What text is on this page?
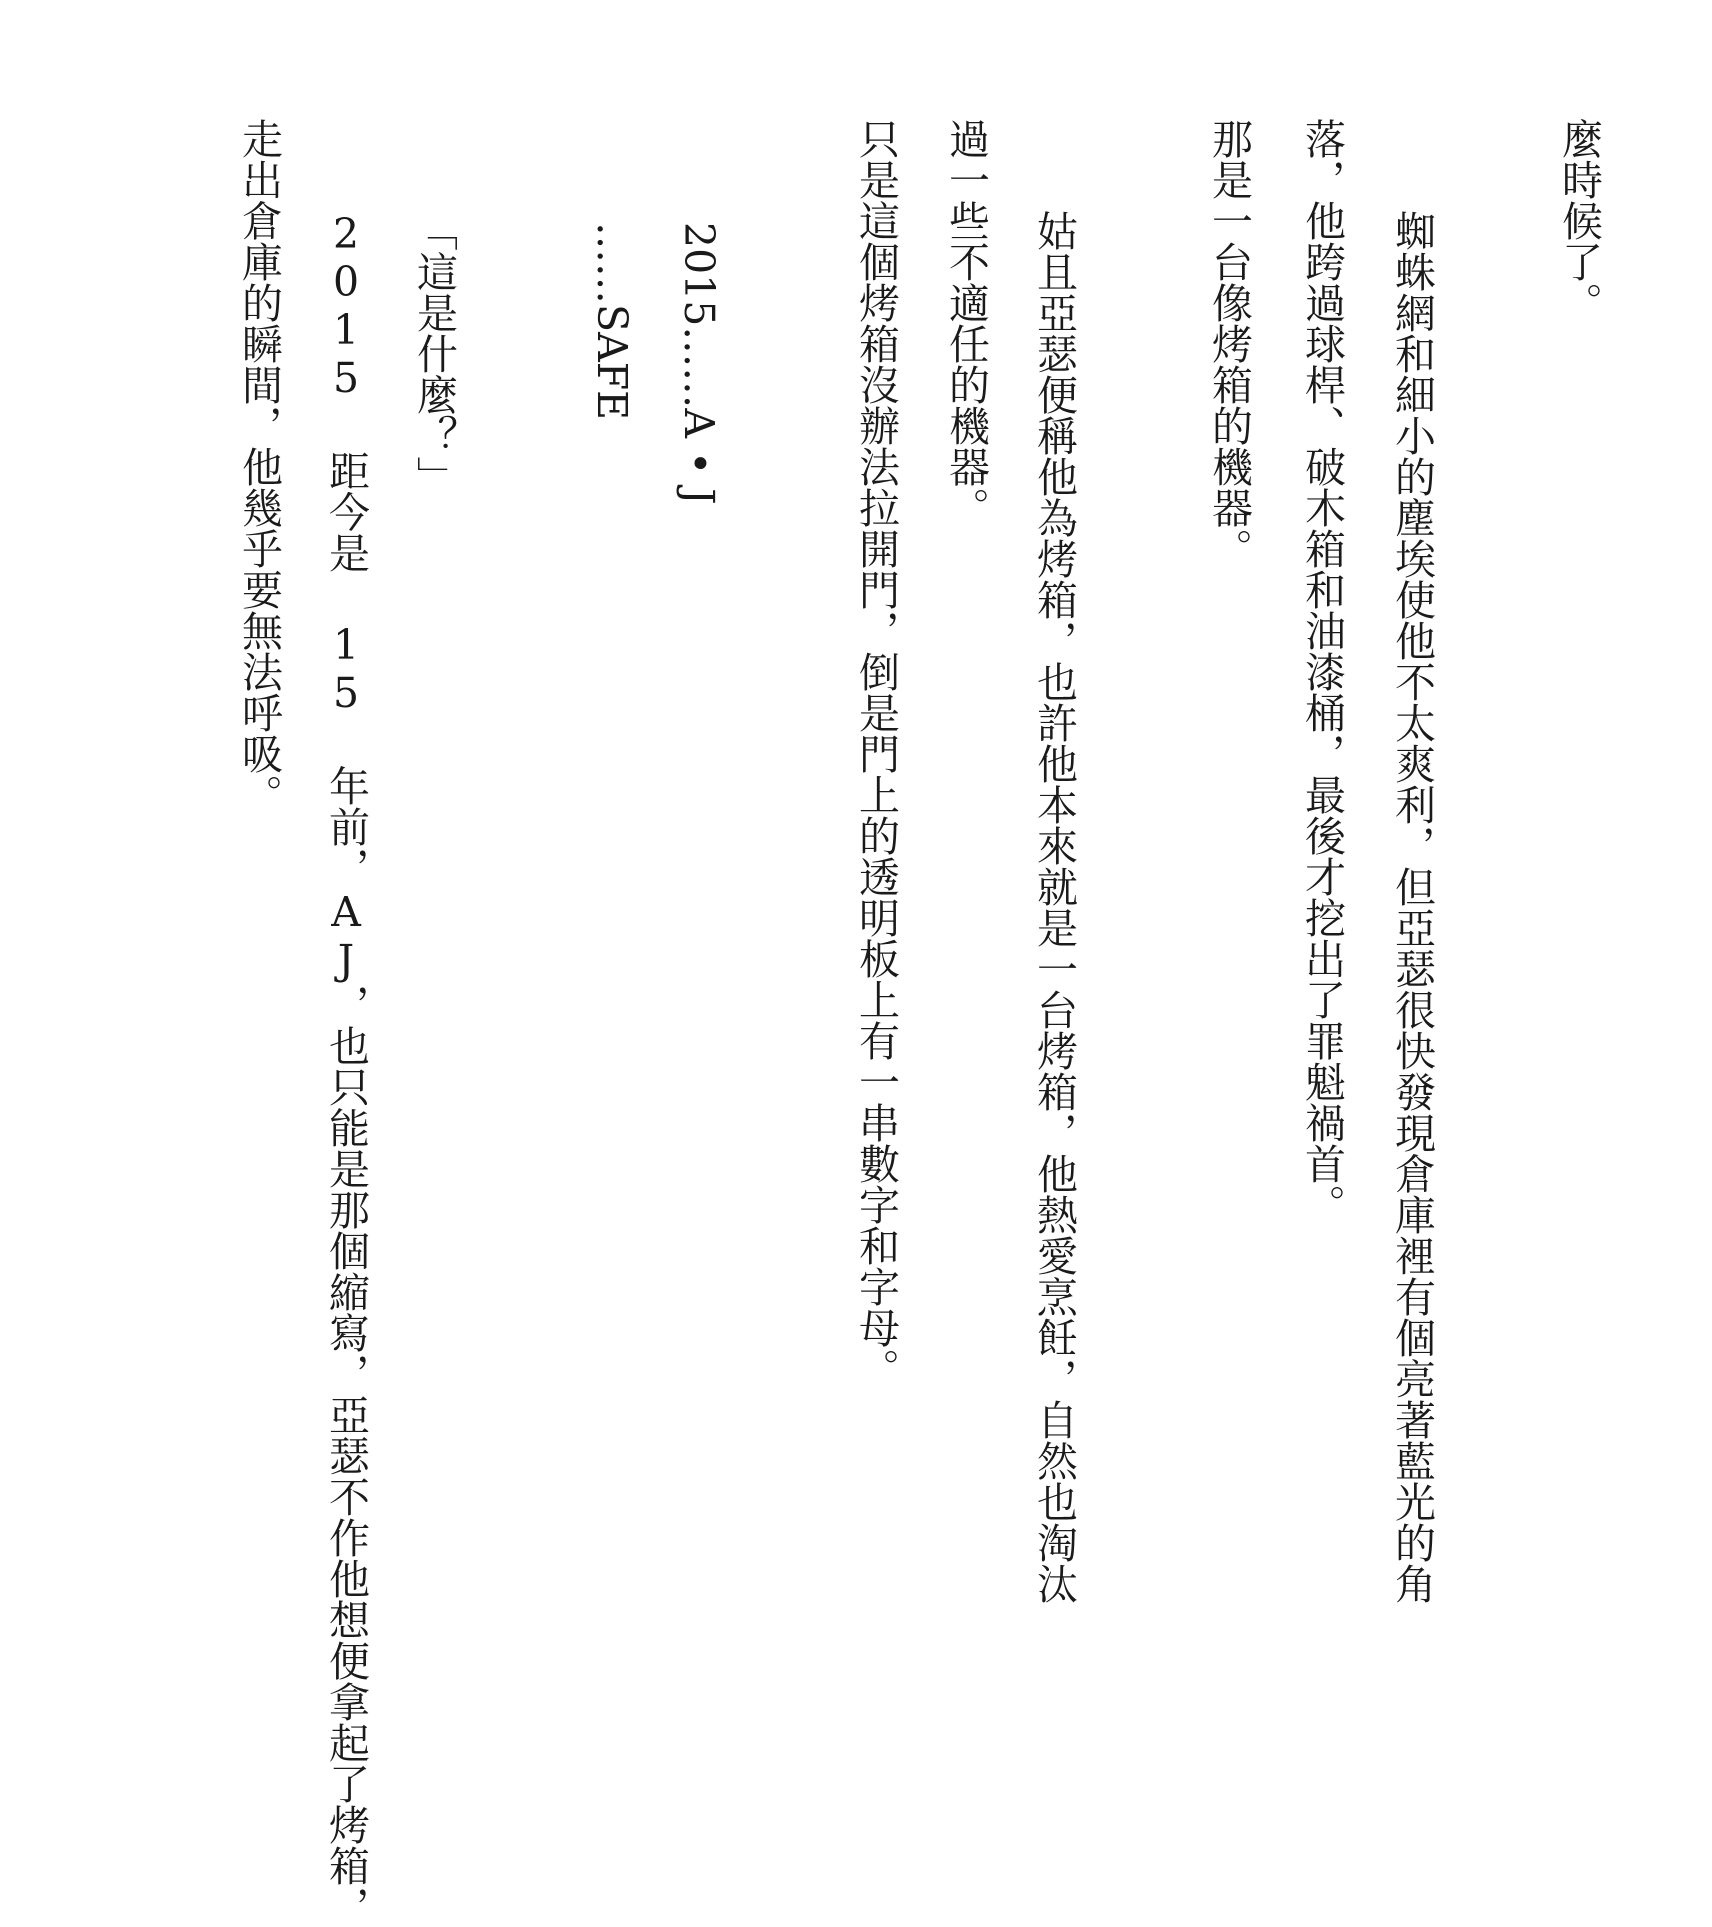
麼時候了。
蜘蛛網和細小的塵埃使他不太爽利，但亞瑟很快發現倉庫裡有個亮著藍光的角
落，他跨過球桿、破木箱和油漆桶，最後才挖出了罪魁禍首。
那是一台像烤箱的機器。
姑且亞瑟便稱他為烤箱，也許他本來就是一台烤箱，他熱愛烹飪，自然也淘汰
過一些不適任的機器。
只是這個烤箱沒辦法拉開門，倒是門上的透明板上有一串數字和字母。
2015……A • J
……SAFE
「這是什麼？」
2015 距今是 15 年前，AJ，也只能是那個縮寫，亞瑟不作他想便拿起了烤箱，
走出倉庫的瞬間，他幾乎要無法呼吸。
